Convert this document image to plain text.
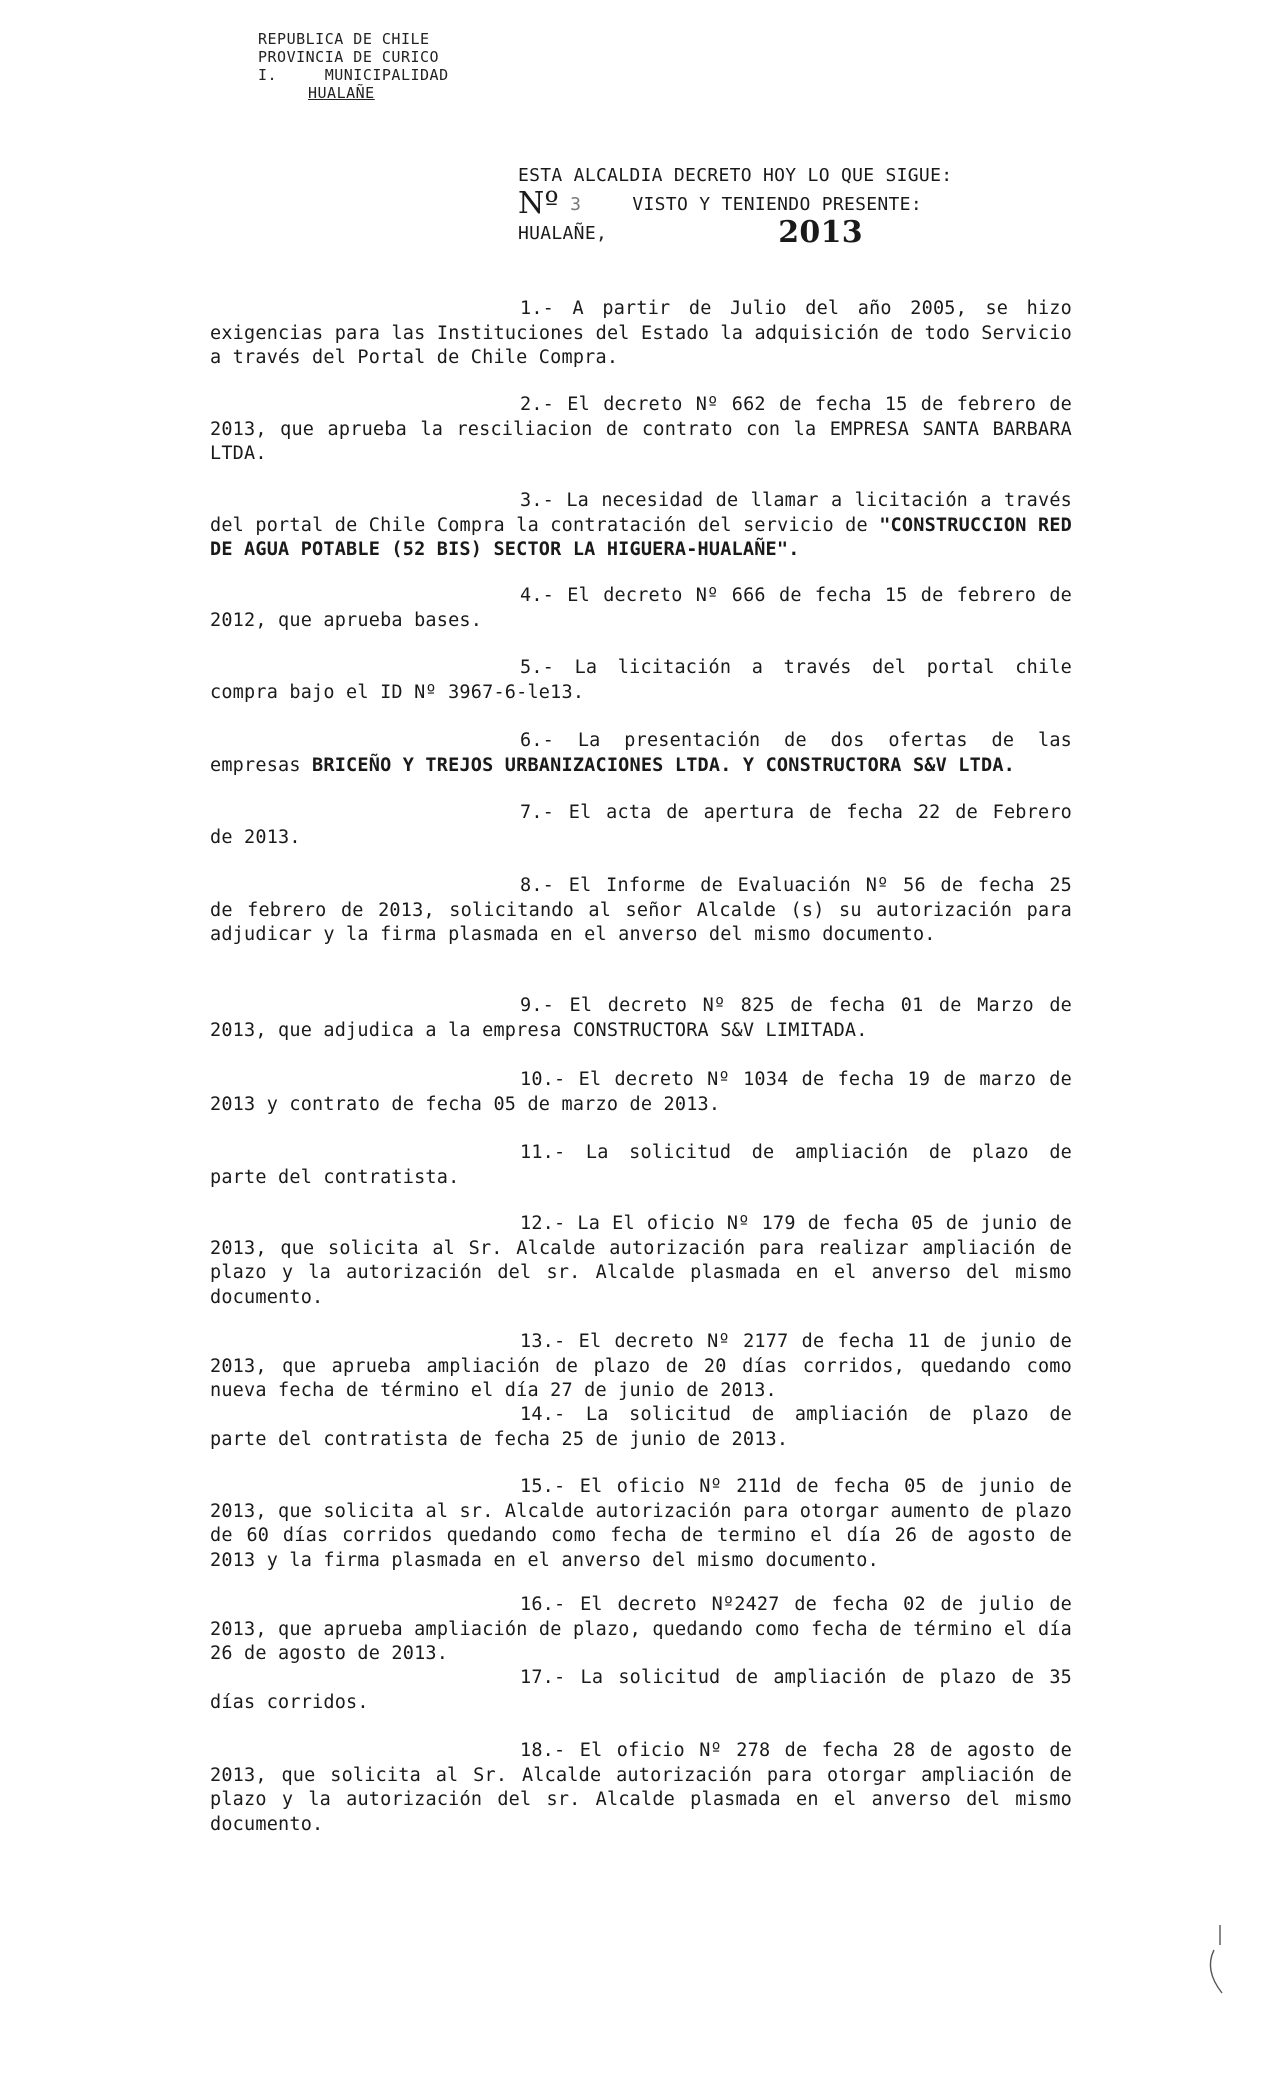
REPUBLICA DE CHILE
PROVINCIA DE CURICO
I.     MUNICIPALIDAD
HUALAÑE
ESTA ALCALDIA DECRETO HOY LO QUE SIGUE:
Nº 3 VISTO Y TENIENDO PRESENTE:
HUALAÑE,	2013
1.- A partir de Julio del año 2005, se hizo exigencias para las Instituciones del Estado la adquisición de todo Servicio a través del Portal de Chile Compra.
2.- El decreto Nº 662 de fecha 15 de febrero de 2013, que aprueba la resciliacion de contrato con la EMPRESA SANTA BARBARA LTDA.
3.- La necesidad de llamar a licitación a través del portal de Chile Compra la contratación del servicio de "CONSTRUCCION RED DE AGUA POTABLE (52 BIS) SECTOR LA HIGUERA-HUALAÑE".
4.- El decreto Nº 666 de fecha 15 de febrero de 2012, que aprueba bases.
5.- La licitación a través del portal chile compra bajo el ID Nº 3967-6-le13.
6.- La presentación de dos ofertas de las empresas BRICEÑO Y TREJOS URBANIZACIONES LTDA. Y CONSTRUCTORA S&V LTDA.
7.- El acta de apertura de fecha 22 de Febrero de 2013.
8.- El Informe de Evaluación Nº 56 de fecha 25 de febrero de 2013, solicitando al señor Alcalde (s) su autorización para adjudicar y la firma plasmada en el anverso del mismo documento.
9.- El decreto Nº 825 de fecha 01 de Marzo de 2013, que adjudica a la empresa CONSTRUCTORA S&V LIMITADA.
10.- El decreto Nº 1034 de fecha 19 de marzo de 2013 y contrato de fecha 05 de marzo de 2013.
11.- La solicitud de ampliación de plazo de parte del contratista.
12.- La El oficio Nº 179 de fecha 05 de junio de 2013, que solicita al Sr. Alcalde autorización para realizar ampliación de plazo y la autorización del sr. Alcalde plasmada en el anverso del mismo documento.
13.- El decreto Nº 2177 de fecha 11 de junio de 2013, que aprueba ampliación de plazo de 20 días corridos, quedando como nueva fecha de término el día 27 de junio de 2013.
14.- La solicitud de ampliación de plazo de parte del contratista de fecha 25 de junio de 2013.
15.- El oficio Nº 211d de fecha 05 de junio de 2013, que solicita al sr. Alcalde autorización para otorgar aumento de plazo de 60 días corridos quedando como fecha de termino el día 26 de agosto de 2013 y la firma plasmada en el anverso del mismo documento.
16.- El decreto Nº2427 de fecha 02 de julio de 2013, que aprueba ampliación de plazo, quedando como fecha de término el día 26 de agosto de 2013.
17.- La solicitud de ampliación de plazo de 35 días corridos.
18.- El oficio Nº 278 de fecha 28 de agosto de 2013, que solicita al Sr. Alcalde autorización para otorgar ampliación de plazo y la autorización del sr. Alcalde plasmada en el anverso del mismo documento.
